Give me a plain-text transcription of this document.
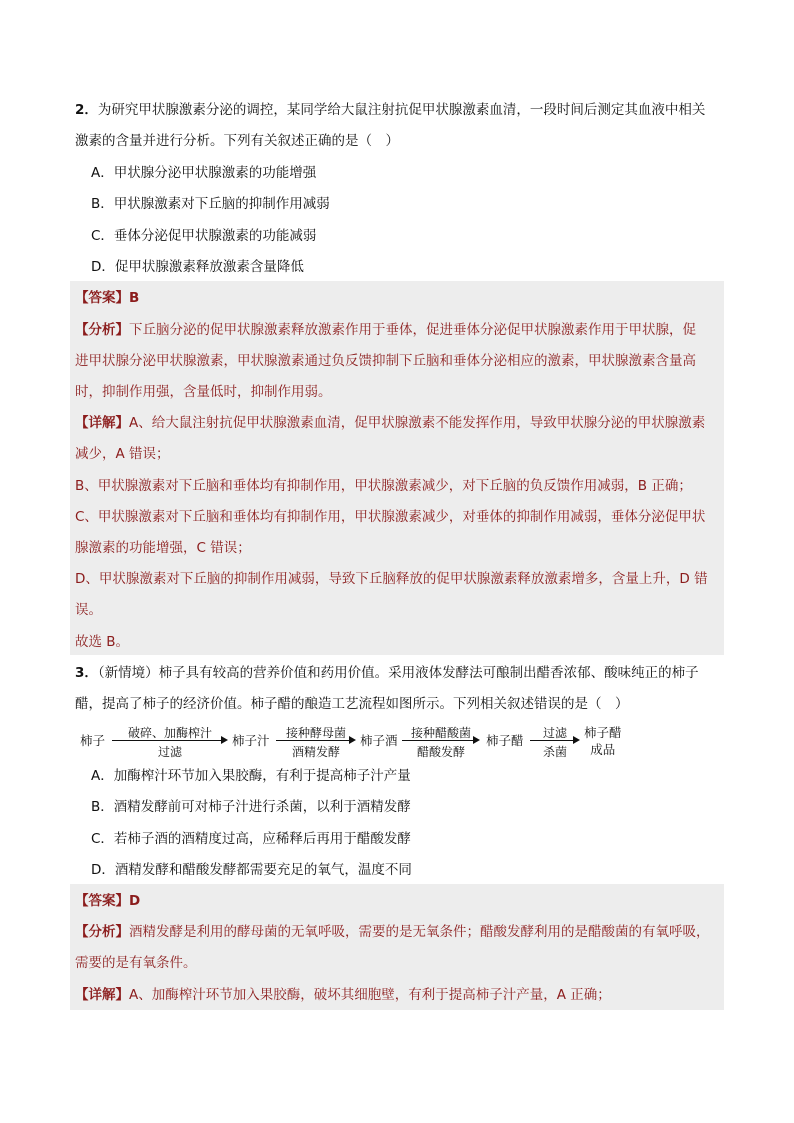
2．为研究甲状腺激素分泌的调控，某同学给大鼠注射抗促甲状腺激素血清，一段时间后测定其血液中相关
激素的含量并进行分析。下列有关叙述正确的是（　）
A．甲状腺分泌甲状腺激素的功能增强
B．甲状腺激素对下丘脑的抑制作用减弱
C．垂体分泌促甲状腺激素的功能减弱
D．促甲状腺激素释放激素含量降低
【答案】B
【分析】下丘脑分泌的促甲状腺激素释放激素作用于垂体，促进垂体分泌促甲状腺激素作用于甲状腺，促
进甲状腺分泌甲状腺激素，甲状腺激素通过负反馈抑制下丘脑和垂体分泌相应的激素，甲状腺激素含量高
时，抑制作用强，含量低时，抑制作用弱。
【详解】A、给大鼠注射抗促甲状腺激素血清，促甲状腺激素不能发挥作用，导致甲状腺分泌的甲状腺激素
减少，A 错误；
B、甲状腺激素对下丘脑和垂体均有抑制作用，甲状腺激素减少，对下丘脑的负反馈作用减弱，B 正确；
C、甲状腺激素对下丘脑和垂体均有抑制作用，甲状腺激素减少，对垂体的抑制作用减弱，垂体分泌促甲状
腺激素的功能增强，C 错误；
D、甲状腺激素对下丘脑的抑制作用减弱，导致下丘脑释放的促甲状腺激素释放激素增多，含量上升，D 错
误。
故选 B。
3．（新情境）柿子具有较高的营养价值和药用价值。采用液体发酵法可酿制出醋香浓郁、酸味纯正的柿子
醋，提高了柿子的经济价值。柿子醋的酿造工艺流程如图所示。下列相关叙述错误的是（　）
柿子	破碎、加酶榨汁
过滤
柿子汁	接种酵母菌
酒精发酵
柿子酒	接种醋酸菌
醋酸发酵
柿子醋	过滤
杀菌
柿子醋
成品
A．加酶榨汁环节加入果胶酶，有利于提高柿子汁产量
B．酒精发酵前可对柿子汁进行杀菌，以利于酒精发酵
C．若柿子酒的酒精度过高，应稀释后再用于醋酸发酵
D．酒精发酵和醋酸发酵都需要充足的氧气，温度不同
【答案】D
【分析】酒精发酵是利用的酵母菌的无氧呼吸，需要的是无氧条件；醋酸发酵利用的是醋酸菌的有氧呼吸，
需要的是有氧条件。
【详解】A、加酶榨汁环节加入果胶酶，破坏其细胞壁，有利于提高柿子汁产量，A 正确；
